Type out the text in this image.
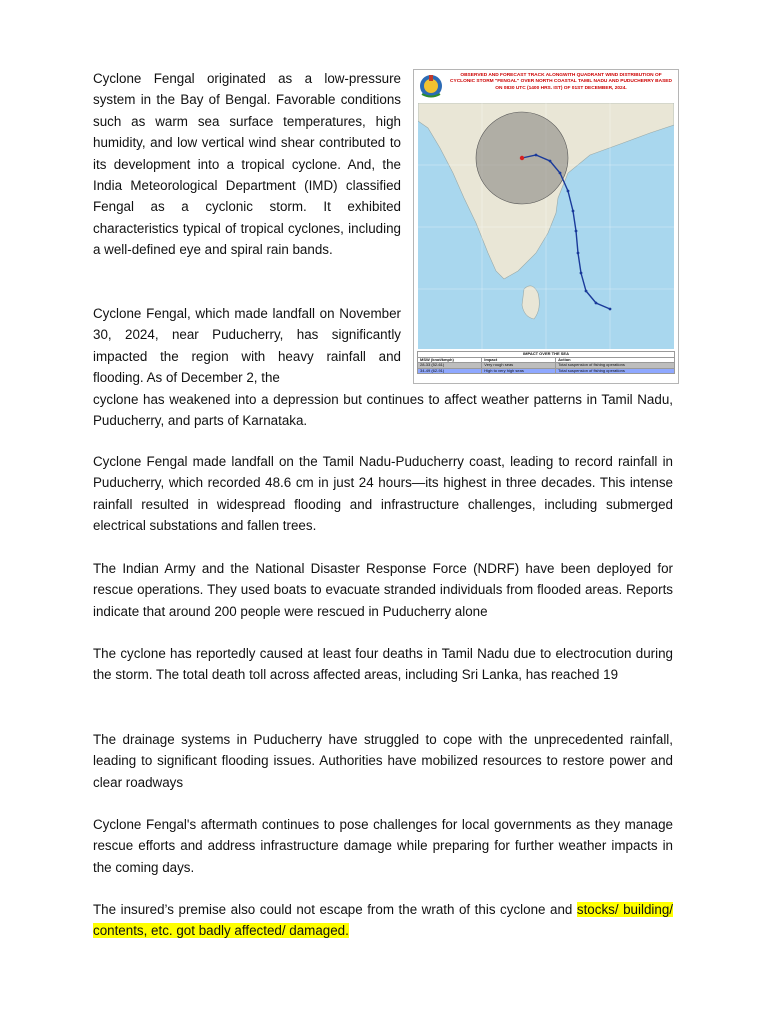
Cyclone Fengal originated as a low-pressure system in the Bay of Bengal. Favorable conditions such as warm sea surface temperatures, high humidity, and low vertical wind shear contributed to its development into a tropical cyclone. And, the India Meteorological Department (IMD) classified Fengal as a cyclonic storm. It exhibited characteristics typical of tropical cyclones, including a well-defined eye and spiral rain bands.

Cyclone Fengal, which made landfall on November 30, 2024, near Puducherry, has significantly impacted the region with heavy rainfall and flooding. As of December 2, the

cyclone has weakened into a depression but continues to affect weather patterns in Tamil Nadu, Puducherry, and parts of Karnataka.

Cyclone Fengal made landfall on the Tamil Nadu-Puducherry coast, leading to record rainfall in Puducherry, which recorded 48.6 cm in just 24 hours—its highest in three decades. This intense rainfall resulted in widespread flooding and infrastructure challenges, including submerged electrical substations and fallen trees.

The Indian Army and the National Disaster Response Force (NDRF) have been deployed for rescue operations. They used boats to evacuate stranded individuals from flooded areas. Reports indicate that around 200 people were rescued in Puducherry alone

The cyclone has reportedly caused at least four deaths in Tamil Nadu due to electrocution during the storm. The total death toll across affected areas, including Sri Lanka, has reached 19

The drainage systems in Puducherry have struggled to cope with the unprecedented rainfall, leading to significant flooding issues. Authorities have mobilized resources to restore power and clear roadways

Cyclone Fengal's aftermath continues to pose challenges for local governments as they manage rescue efforts and address infrastructure damage while preparing for further weather impacts in the coming days.

The insured’s premise also could not escape from the wrath of this cyclone and stocks/ building/ contents, etc. got badly affected/ damaged.

OBSERVED AND FORECAST TRACK ALONGWITH QUADRANT WIND DISTRIBUTION OF CYCLONIC STORM "FENGAL" OVER NORTH COASTAL TAMIL NADU AND PUDUCHERRY BASED ON 0830 UTC (1400 HRS. IST) OF 01ST DECEMBER, 2024.
IMPACT OVER THE SEA		
MSW (knot/kmph)	Impact	Action
28-33 (52-61)	Very rough seas	Total suspension of fishing operations
34-49 (62-91)	High to very high seas	Total suspension of fishing operations
